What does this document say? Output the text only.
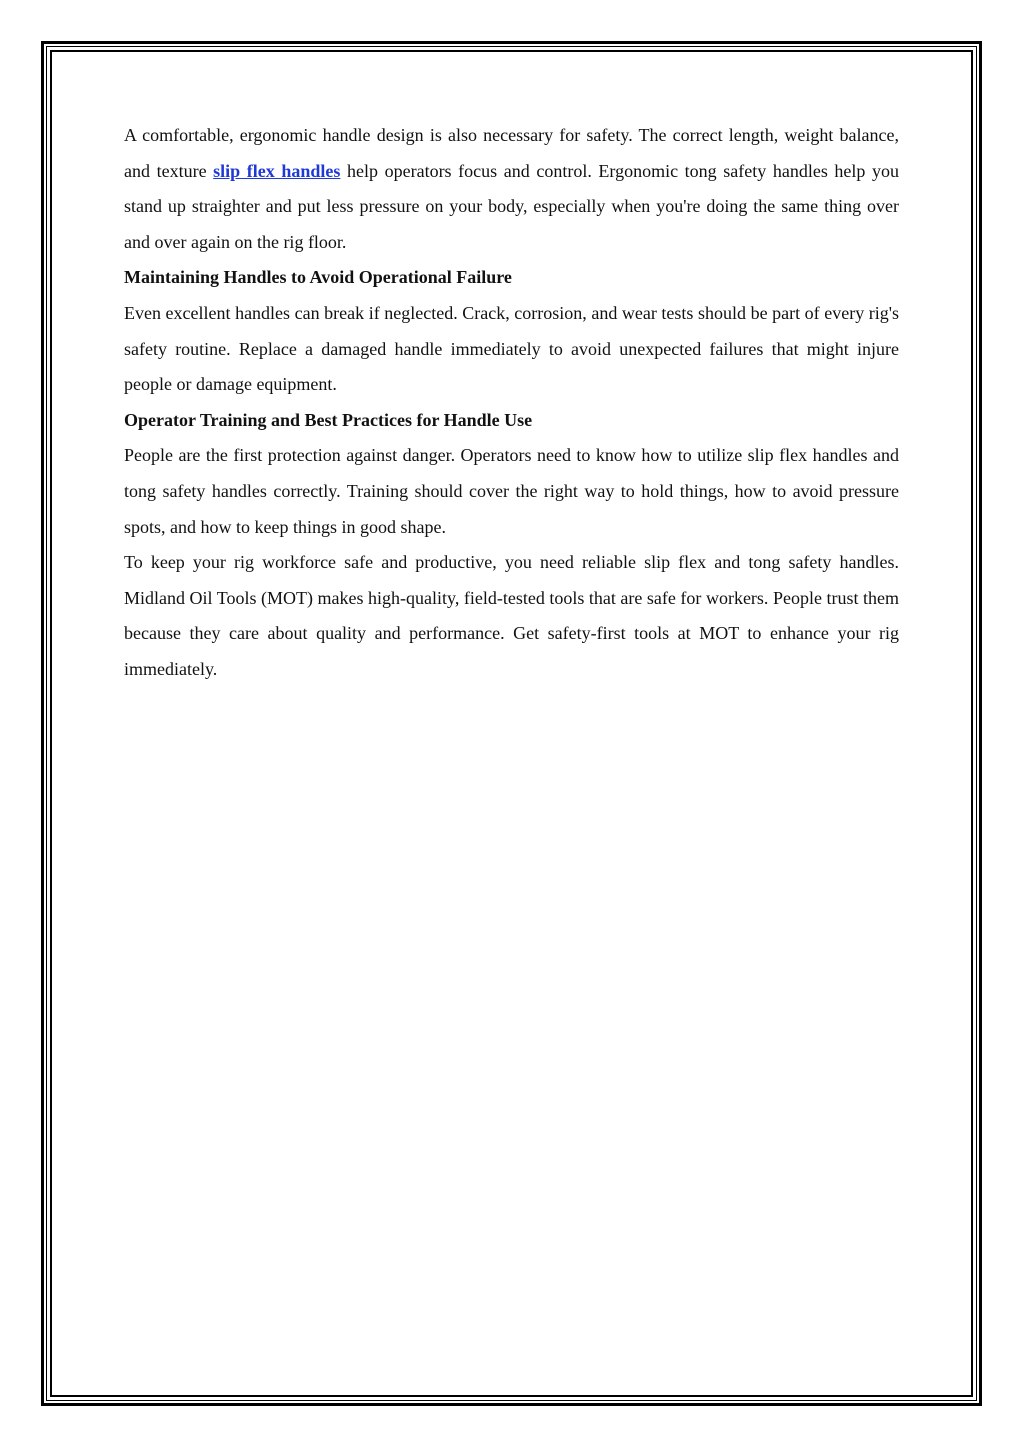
A comfortable, ergonomic handle design is also necessary for safety. The correct length, weight balance, and texture slip flex handles help operators focus and control. Ergonomic tong safety handles help you stand up straighter and put less pressure on your body, especially when you're doing the same thing over and over again on the rig floor.

Maintaining Handles to Avoid Operational Failure

Even excellent handles can break if neglected. Crack, corrosion, and wear tests should be part of every rig's safety routine. Replace a damaged handle immediately to avoid unexpected failures that might injure people or damage equipment.

Operator Training and Best Practices for Handle Use

People are the first protection against danger. Operators need to know how to utilize slip flex handles and tong safety handles correctly. Training should cover the right way to hold things, how to avoid pressure spots, and how to keep things in good shape.

To keep your rig workforce safe and productive, you need reliable slip flex and tong safety handles. Midland Oil Tools (MOT) makes high-quality, field-tested tools that are safe for workers. People trust them because they care about quality and performance. Get safety-first tools at MOT to enhance your rig immediately.
